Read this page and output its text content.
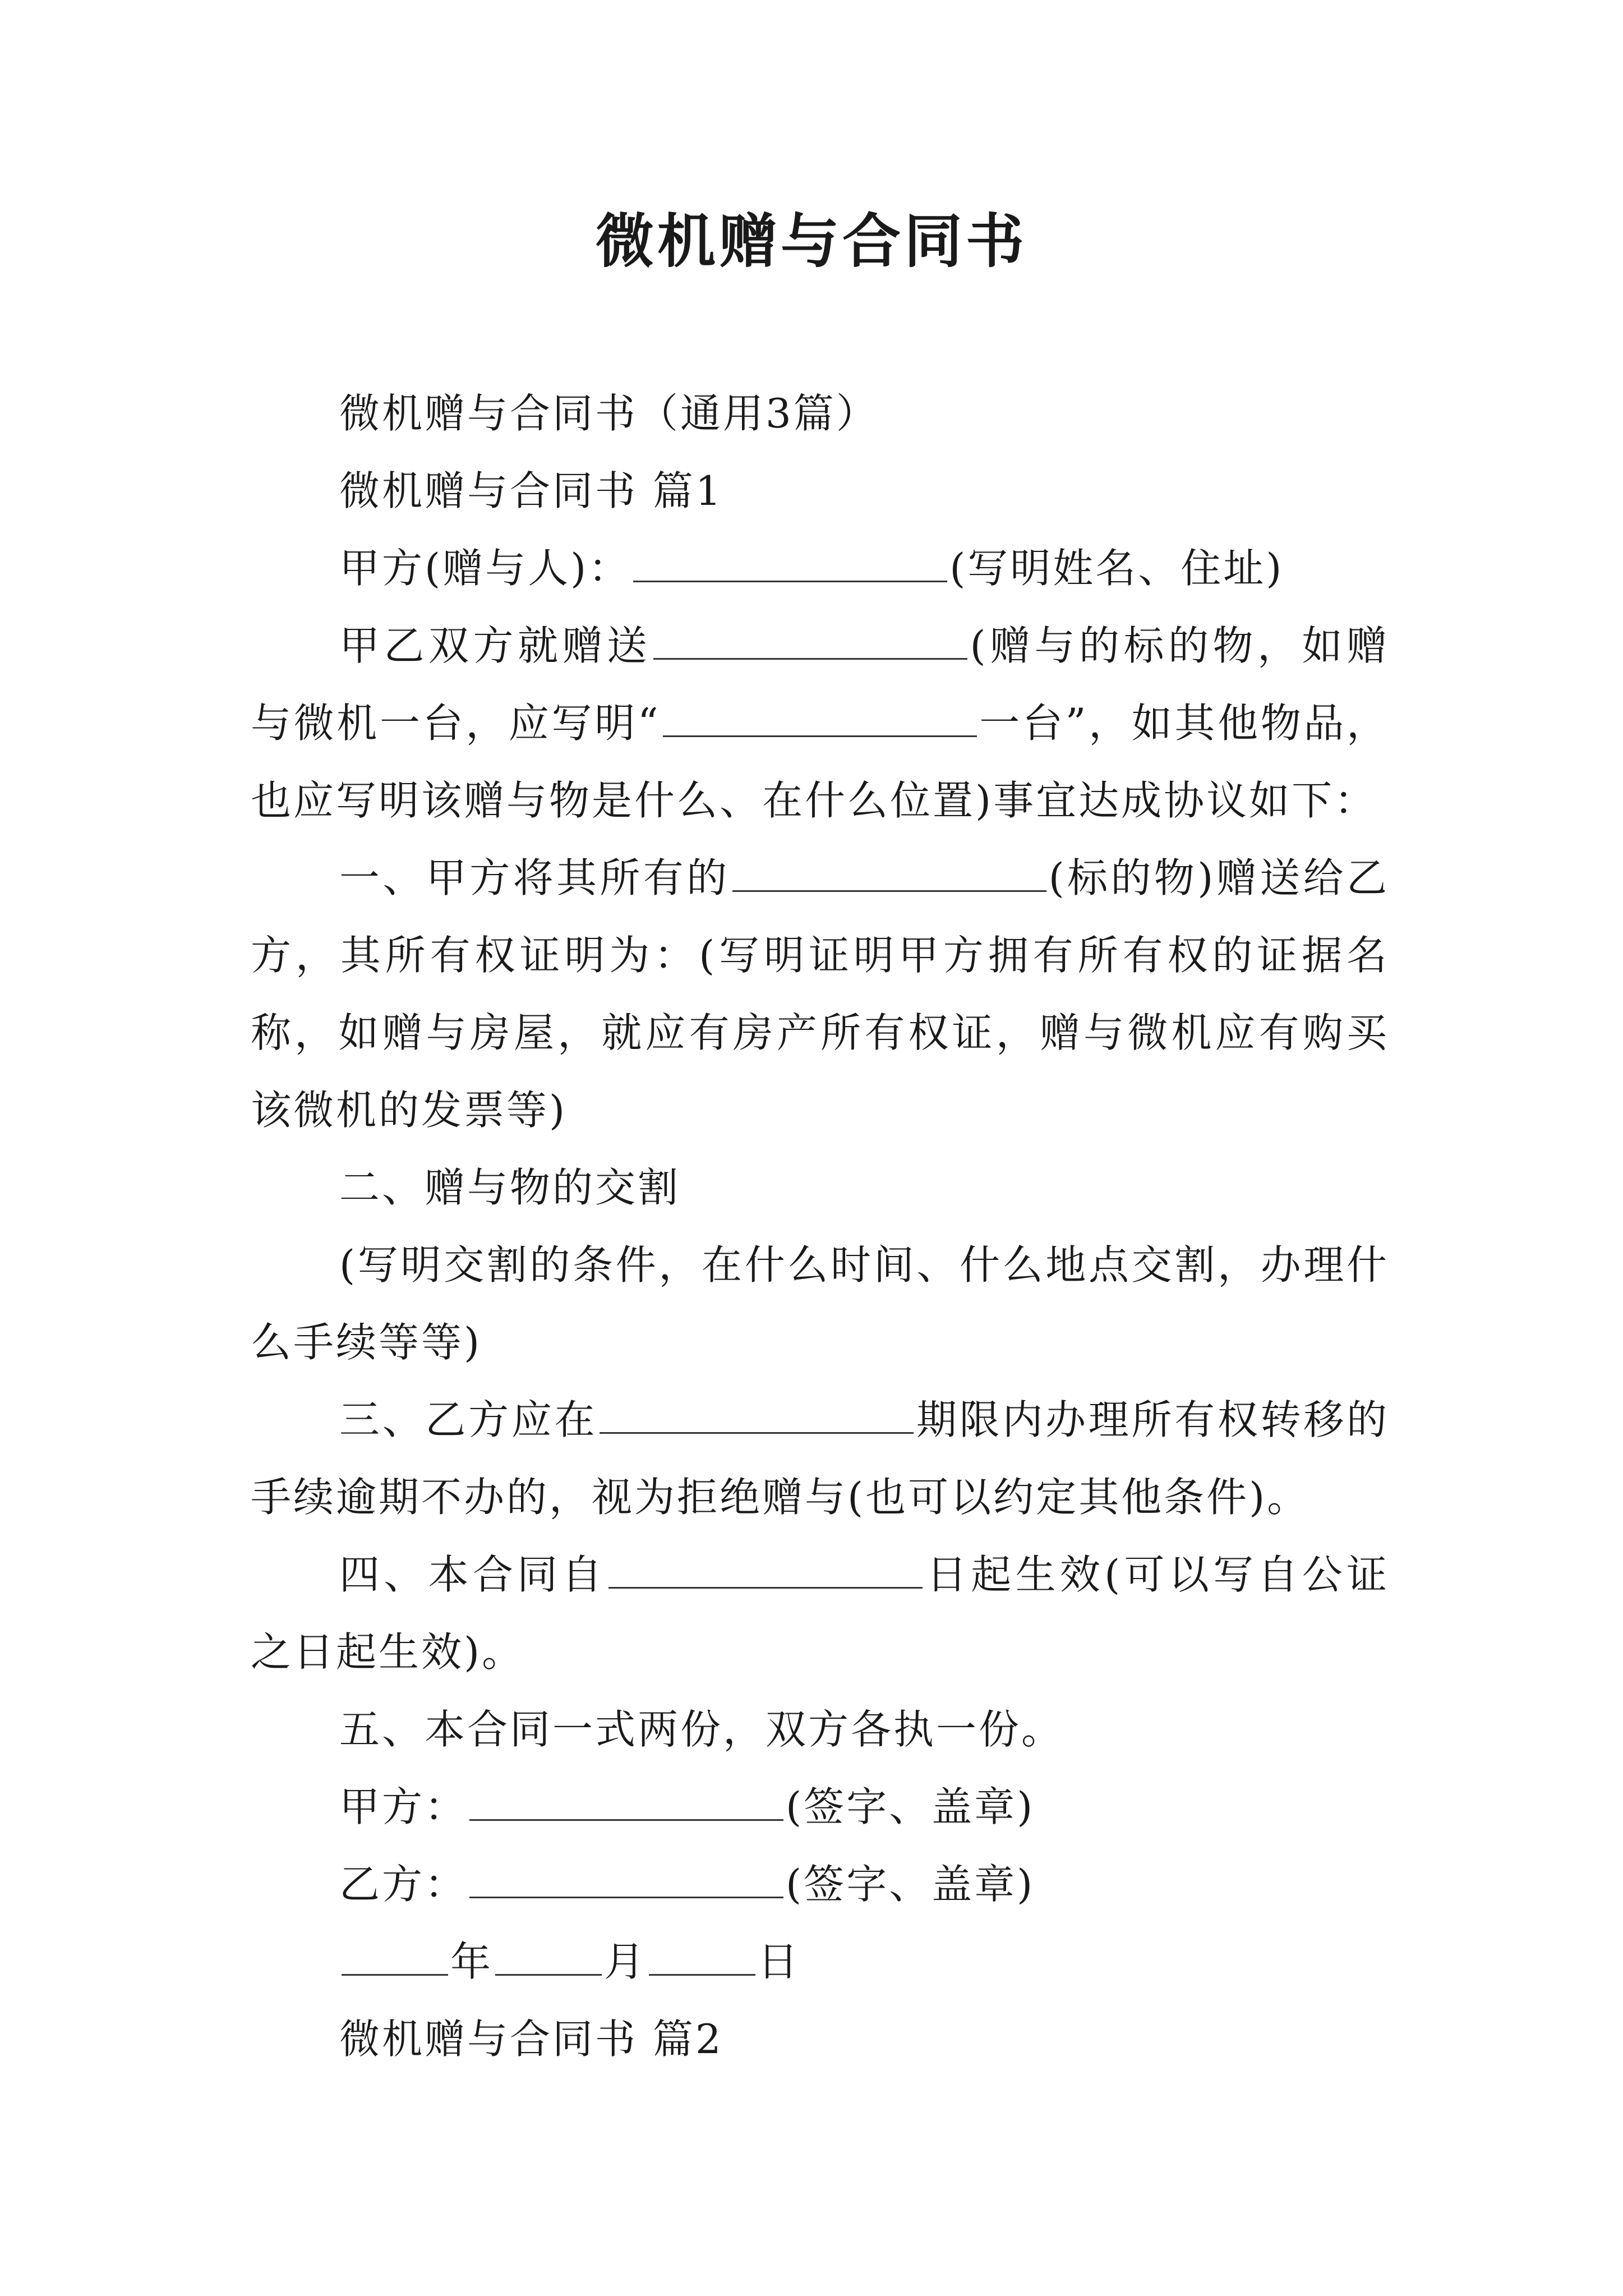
微机赠与合同书

微机赠与合同书（通用3篇）

微机赠与合同书 篇1

甲方(赠与人)：	(写明姓名、住址)

甲乙双方就赠送	(赠与的标的物，如赠与微机一台，应写明“	一台”，如其他物品，也应写明该赠与物是什么、在什么位置)事宜达成协议如下：

一、甲方将其所有的	(标的物)赠送给乙方，其所有权证明为：(写明证明甲方拥有所有权的证据名称，如赠与房屋，就应有房产所有权证，赠与微机应有购买该微机的发票等)

二、赠与物的交割

(写明交割的条件，在什么时间、什么地点交割，办理什么手续等等)

三、乙方应在	期限内办理所有权转移的手续逾期不办的，视为拒绝赠与(也可以约定其他条件)。

四、本合同自	日起生效(可以写自公证之日起生效)。

五、本合同一式两份，双方各执一份。

甲方：	(签字、盖章)

乙方：	(签字、盖章)

年	月	日

微机赠与合同书 篇2
